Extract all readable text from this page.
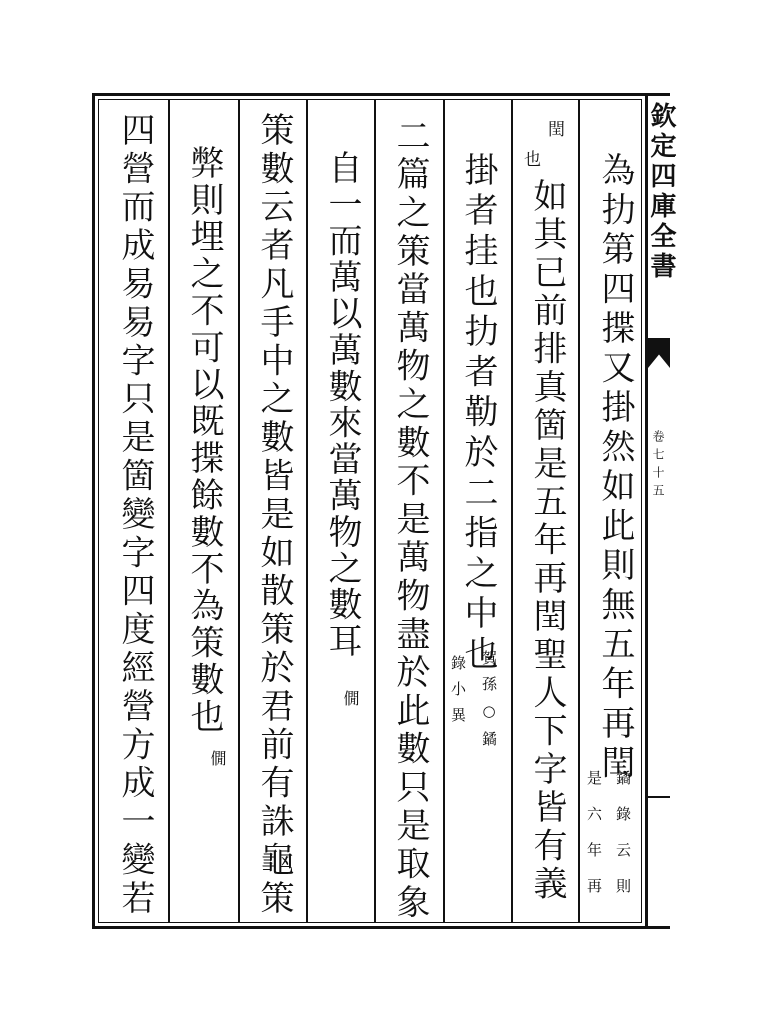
欽定四庫全書
卷七十五
為扐第四揲又掛然如此則無五年再閏
鐍錄云則
是六年再
閏
也
如其已前排真箇是五年再閏聖人下字皆有義
掛者挂也扐者勒於二指之中也
賀孫○鐍
錄小異
二篇之策當萬物之數不是萬物盡於此數只是取象
自一而萬以萬數來當萬物之數耳
僩
策數云者凡手中之數皆是如散策於君前有誅龜策
弊則埋之不可以既揲餘數不為策數也
僩
四營而成易易字只是箇變字四度經營方成一變若
